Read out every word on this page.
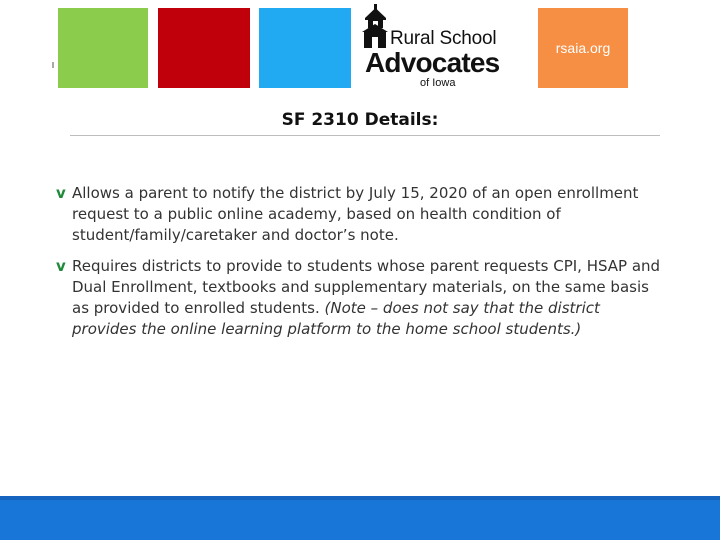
Rural School
Advocates
of Iowa
rsaia.org
SF 2310 Details:
v Allows a parent to notify the district by July 15, 2020 of an open enrollment request to a public online academy, based on health condition of student/family/caretaker and doctor’s note.
v Requires districts to provide to students whose parent requests CPI, HSAP and Dual Enrollment, textbooks and supplementary materials, on the same basis as provided to enrolled students. (Note – does not say that the district provides the online learning platform to the home school students.)
